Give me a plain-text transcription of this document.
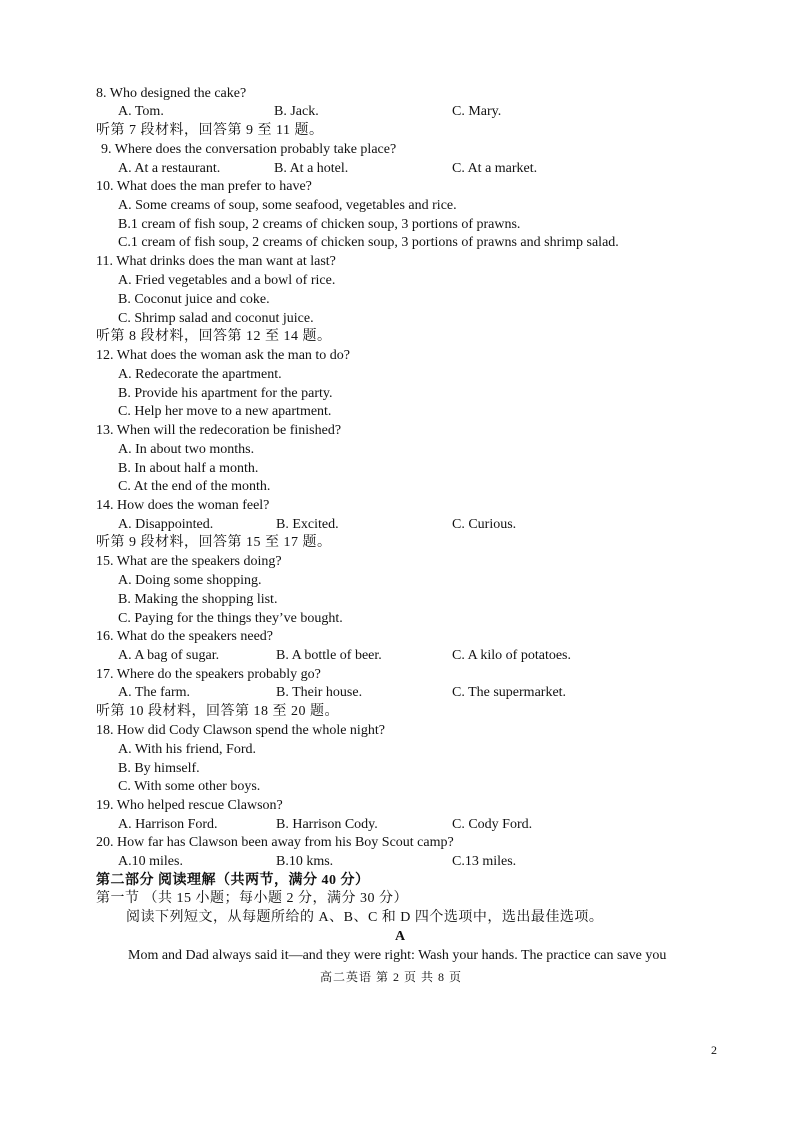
8. Who designed the cake?
A. Tom.	B. Jack.	C. Mary.
听第 7 段材料，回答第 9 至 11 题。
9. Where does the conversation probably take place?
A. At a restaurant.	B. At a hotel.	C. At a market.
10. What does the man prefer to have?
A. Some creams of soup, some seafood, vegetables and rice.
B.1 cream of fish soup, 2 creams of chicken soup, 3 portions of prawns.
C.1 cream of fish soup, 2 creams of chicken soup, 3 portions of prawns and shrimp salad.
11. What drinks does the man want at last?
A. Fried vegetables and a bowl of rice.
B. Coconut juice and coke.
C. Shrimp salad and coconut juice.
听第 8 段材料，回答第 12 至 14 题。
12. What does the woman ask the man to do?
A. Redecorate the apartment.
B. Provide his apartment for the party.
C. Help her move to a new apartment.
13. When will the redecoration be finished?
A. In about two months.
B. In about half a month.
C. At the end of the month.
14. How does the woman feel?
A. Disappointed.	B. Excited.	C. Curious.
听第 9 段材料，回答第 15 至 17 题。
15. What are the speakers doing?
A. Doing some shopping.
B. Making the shopping list.
C. Paying for the things they’ve bought.
16. What do the speakers need?
A. A bag of sugar.	B. A bottle of beer.	C. A kilo of potatoes.
17. Where do the speakers probably go?
A. The farm.	B. Their house.	C. The supermarket.
听第 10 段材料，回答第 18 至 20 题。
18. How did Cody Clawson spend the whole night?
A. With his friend, Ford.
B. By himself.
C. With some other boys.
19. Who helped rescue Clawson?
A. Harrison Ford.	B. Harrison Cody.	C. Cody Ford.
20. How far has Clawson been away from his Boy Scout camp?
A.10 miles.	B.10 kms.	C.13 miles.
第二部分 阅读理解（共两节，满分 40 分）
第一节 （共 15 小题；每小题 2 分，满分 30 分）
阅读下列短文，从每题所给的 A、B、C 和 D 四个选项中，选出最佳选项。
A
Mom and Dad always said it—and they were right: Wash your hands. The practice can save you
高二英语 第 2 页 共 8 页
2
